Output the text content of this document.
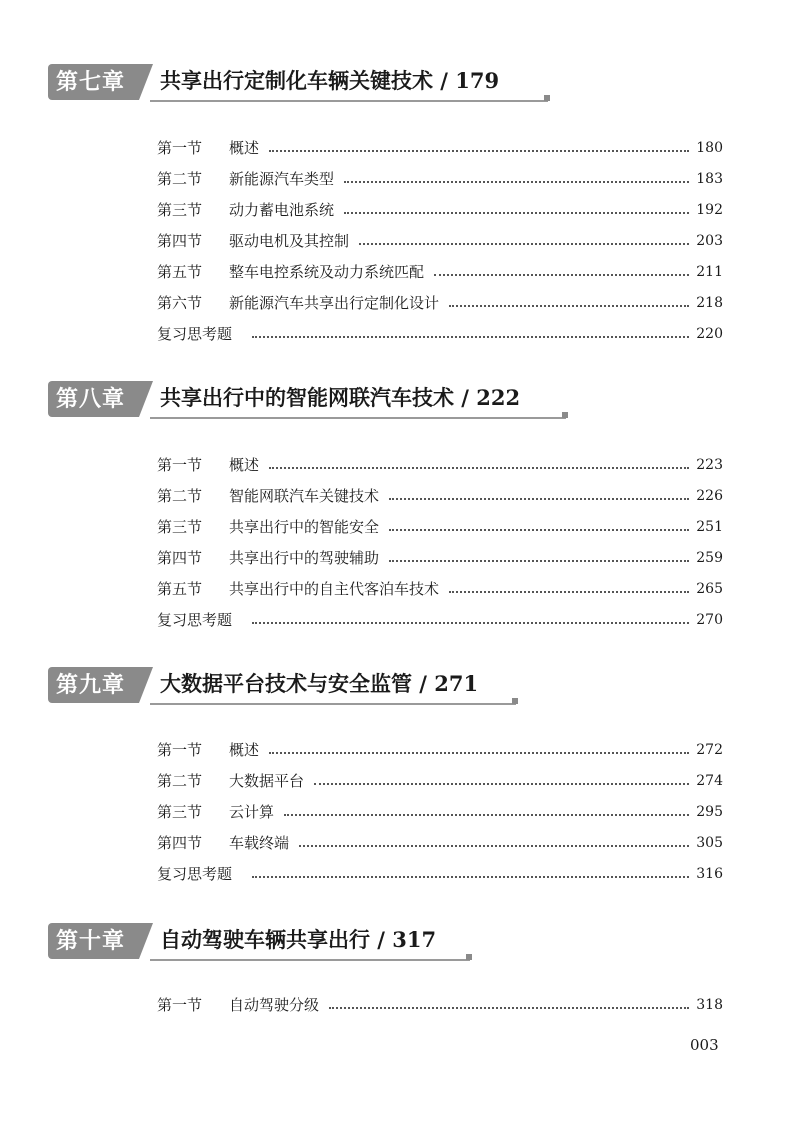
第七章	共享出行定制化车辆关键技术 / 179
第一节	概述	180
第二节	新能源汽车类型	183
第三节	动力蓄电池系统	192
第四节	驱动电机及其控制	203
第五节	整车电控系统及动力系统匹配	211
第六节	新能源汽车共享出行定制化设计	218
复习思考题	220
第八章	共享出行中的智能网联汽车技术 / 222
第一节	概述	223
第二节	智能网联汽车关键技术	226
第三节	共享出行中的智能安全	251
第四节	共享出行中的驾驶辅助	259
第五节	共享出行中的自主代客泊车技术	265
复习思考题	270
第九章	大数据平台技术与安全监管 / 271
第一节	概述	272
第二节	大数据平台	274
第三节	云计算	295
第四节	车载终端	305
复习思考题	316
第十章	自动驾驶车辆共享出行 / 317
第一节	自动驾驶分级	318
003
